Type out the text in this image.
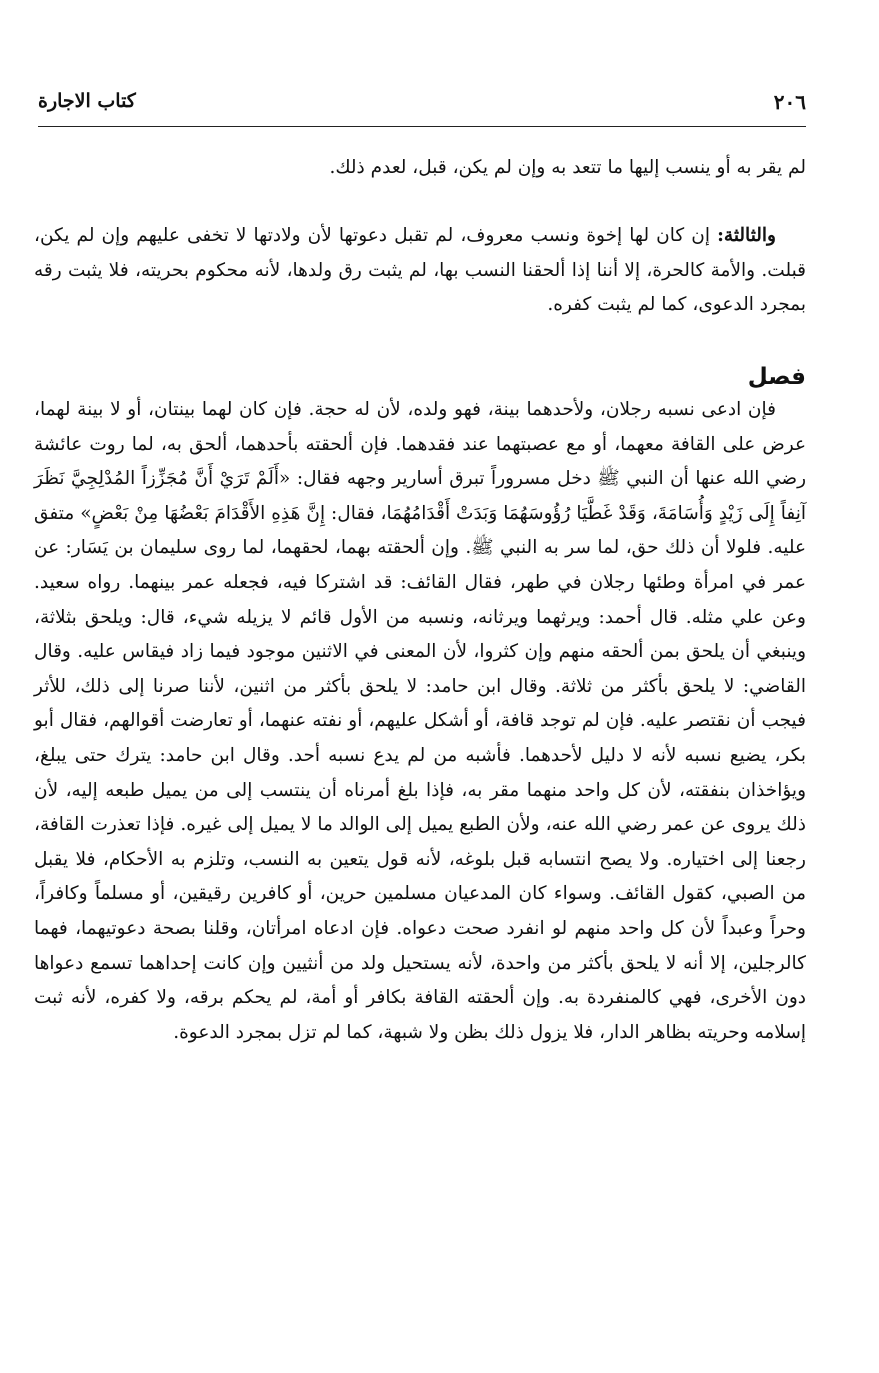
٢٠٦
كتاب الاجارة
لم يقر به أو ينسب إليها ما تتعد به وإن لم يكن، قبل، لعدم ذلك.

والثالثة: إن كان لها إخوة ونسب معروف، لم تقبل دعوتها لأن ولادتها لا تخفى عليهم وإن لم يكن، قبلت. والأمة كالحرة، إلا أننا إذا ألحقنا النسب بها، لم يثبت رق ولدها، لأنه محكوم بحريته، فلا يثبت رقه بمجرد الدعوى، كما لم يثبت كفره.

فصل

فإن ادعى نسبه رجلان، ولأحدهما بينة، فهو ولده، لأن له حجة. فإن كان لهما بينتان، أو لا بينة لهما، عرض على القافة معهما، أو مع عصبتهما عند فقدهما. فإن ألحقته بأحدهما، ألحق به، لما روت عائشة رضي الله عنها أن النبي ﷺ دخل مسروراً تبرق أسارير وجهه فقال: «أَلَمْ تَرَيْ أَنَّ مُجَزِّزاً المُدْلِجِيَّ نَظَرَ آنِفاً إِلَى زَيْدٍ وَأُسَامَةَ، وَقَدْ غَطَّيَا رُؤُوسَهُمَا وَبَدَتْ أَقْدَامُهُمَا، فقال: إِنَّ هَذِهِ الأَقْدَامَ بَعْضُهَا مِنْ بَعْضٍ» متفق عليه. فلولا أن ذلك حق، لما سر به النبي ﷺ. وإن ألحقته بهما، لحقهما، لما روى سليمان بن يَسَار: عن عمر في امرأة وطئها رجلان في طهر، فقال القائف: قد اشتركا فيه، فجعله عمر بينهما. رواه سعيد. وعن علي مثله. قال أحمد: ويرثهما ويرثانه، ونسبه من الأول قائم لا يزيله شيء، قال: ويلحق بثلاثة، وينبغي أن يلحق بمن ألحقه منهم وإن كثروا، لأن المعنى في الاثنين موجود فيما زاد فيقاس عليه. وقال القاضي: لا يلحق بأكثر من ثلاثة. وقال ابن حامد: لا يلحق بأكثر من اثنين، لأننا صرنا إلى ذلك، للأثر فيجب أن نقتصر عليه. فإن لم توجد قافة، أو أشكل عليهم، أو نفته عنهما، أو تعارضت أقوالهم، فقال أبو بكر، يضيع نسبه لأنه لا دليل لأحدهما. فأشبه من لم يدع نسبه أحد. وقال ابن حامد: يترك حتى يبلغ، ويؤاخذان بنفقته، لأن كل واحد منهما مقر به، فإذا بلغ أمرناه أن ينتسب إلى من يميل طبعه إليه، لأن ذلك يروى عن عمر رضي الله عنه، ولأن الطبع يميل إلى الوالد ما لا يميل إلى غيره. فإذا تعذرت القافة، رجعنا إلى اختياره. ولا يصح انتسابه قبل بلوغه، لأنه قول يتعين به النسب، وتلزم به الأحكام، فلا يقبل من الصبي، كقول القائف. وسواء كان المدعيان مسلمين حرين، أو كافرين رقيقين، أو مسلماً وكافراً، وحراً وعبداً لأن كل واحد منهم لو انفرد صحت دعواه. فإن ادعاه امرأتان، وقلنا بصحة دعوتيهما، فهما كالرجلين، إلا أنه لا يلحق بأكثر من واحدة، لأنه يستحيل ولد من أنثيين وإن كانت إحداهما تسمع دعواها دون الأخرى، فهي كالمنفردة به. وإن ألحقته القافة بكافر أو أمة، لم يحكم برقه، ولا كفره، لأنه ثبت إسلامه وحريته بظاهر الدار، فلا يزول ذلك بظن ولا شبهة، كما لم تزل بمجرد الدعوة.
